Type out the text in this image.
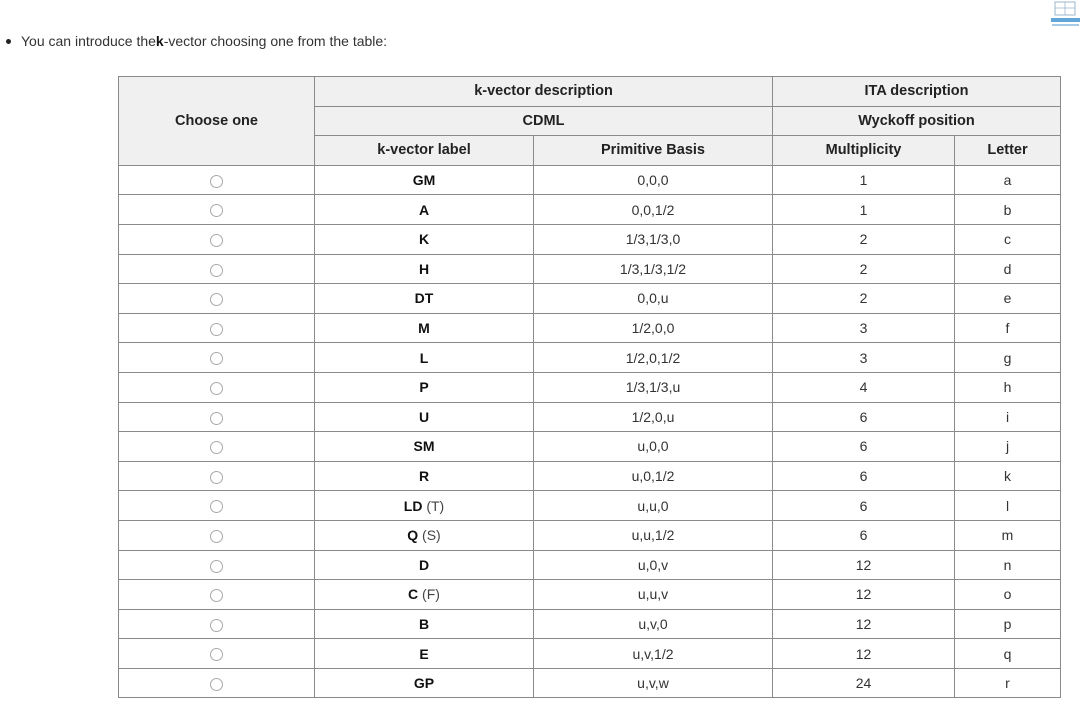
You can introduce the k -vector choosing one from the table:
Choose one	k-vector description		ITA description	
	CDML		Wyckoff position	
	k-vector label	Primitive Basis	Multiplicity	Letter
	GM	0,0,0	1	a
	A	0,0,1/2	1	b
	K	1/3,1/3,0	2	c
	H	1/3,1/3,1/2	2	d
	DT	0,0,u	2	e
	M	1/2,0,0	3	f
	L	1/2,0,1/2	3	g
	P	1/3,1/3,u	4	h
	U	1/2,0,u	6	i
	SM	u,0,0	6	j
	R	u,0,1/2	6	k
	LD (T)	u,u,0	6	l
	Q (S)	u,u,1/2	6	m
	D	u,0,v	12	n
	C (F)	u,u,v	12	o
	B	u,v,0	12	p
	E	u,v,1/2	12	q
	GP	u,v,w	24	r
